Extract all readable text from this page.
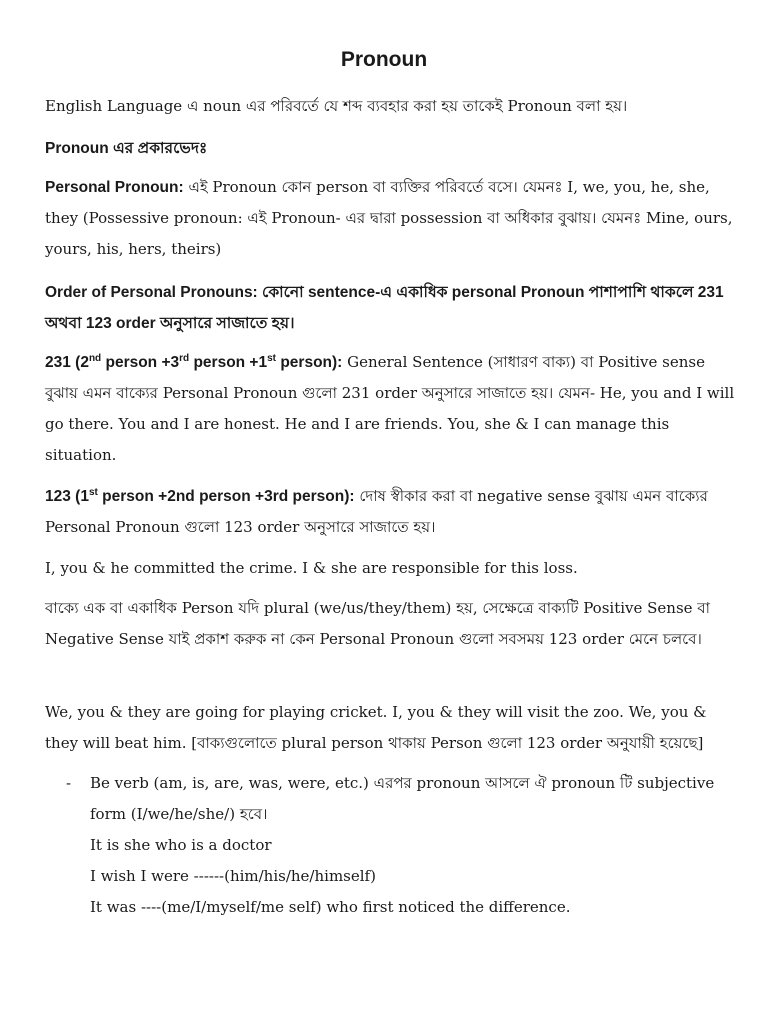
Pronoun
English Language এ noun এর পরিবর্তে যে শব্দ ব্যবহার করা হয় তাকেই Pronoun বলা হয়।
Pronoun এর প্রকারভেদঃ
Personal Pronoun: এই Pronoun কোন person বা ব্যক্তির পরিবর্তে বসে। যেমনঃ I, we, you, he, she, they (Possessive pronoun: এই Pronoun- এর দ্বারা possession বা অধিকার বুঝায়। যেমনঃ Mine, ours, yours, his, hers, theirs)
Order of Personal Pronouns: কোনো sentence-এ একাধিক personal Pronoun পাশাপাশি থাকলে 231 অথবা 123 order অনুসারে সাজাতে হয়।
231 (2nd person +3rd person +1st person): General Sentence (সাধারণ বাক্য) বা Positive sense বুঝায় এমন বাক্যের Personal Pronoun গুলো 231 order অনুসারে সাজাতে হয়। যেমন- He, you and I will go there. You and I are honest. He and I are friends. You, she & I can manage this situation.
123 (1st person +2nd person +3rd person): দোষ স্বীকার করা বা negative sense বুঝায় এমন বাক্যের Personal Pronoun গুলো 123 order অনুসারে সাজাতে হয়।
I, you & he committed the crime. I & she are responsible for this loss.
বাক্যে এক বা একাধিক Person যদি plural (we/us/they/them) হয়, সেক্ষেত্রে বাক্যটি Positive Sense বা Negative Sense যাই প্রকাশ করুক না কেন Personal Pronoun গুলো সবসময় 123 order মেনে চলবে।
We, you & they are going for playing cricket. I, you & they will visit the zoo. We, you & they will beat him. [বাক্যগুলোতে plural person থাকায় Person গুলো 123 order অনুযায়ী হয়েছে]
- Be verb (am, is, are, was, were, etc.) এরপর pronoun আসলে ঐ pronoun টি subjective form (I/we/he/she/) হবে।
It is she who is a doctor
I wish I were ------(him/his/he/himself)
It was ----(me/I/myself/me self) who first noticed the difference.
